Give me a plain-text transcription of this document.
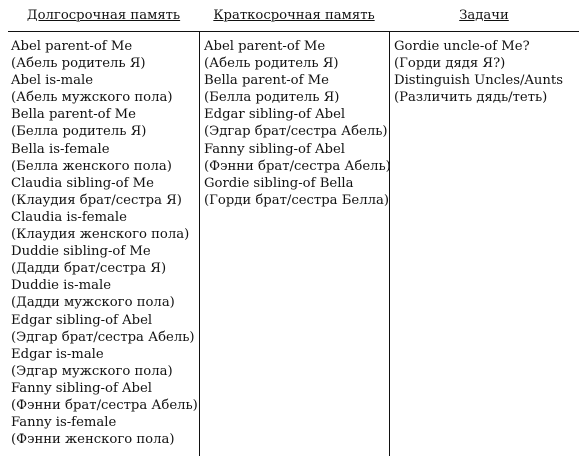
Долгосрочная память	Краткосрочная память	Задачи
Abel parent-of Me
(Абель родитель Я)
Abel is-male
(Абель мужского пола)
Bella parent-of Me
(Белла родитель Я)
Bella is-female
(Белла женского пола)
Claudia sibling-of Me
(Клаудия брат/сестра Я)
Claudia is-female
(Клаудия женского пола)
Duddie sibling-of Me
(Дадди брат/сестра Я)
Duddie is-male
(Дадди мужского пола)
Edgar sibling-of Abel
(Эдгар брат/сестра Абель)
Edgar is-male
(Эдгар мужского пола)
Fanny sibling-of Abel
(Фэнни брат/сестра Абель)
Fanny is-female
(Фэнни женского пола)
Abel parent-of Me
(Абель родитель Я)
Bella parent-of Me
(Белла родитель Я)
Edgar sibling-of Abel
(Эдгар брат/сестра Абель)
Fanny sibling-of Abel
(Фэнни брат/сестра Абель)
Gordie sibling-of Bella
(Горди брат/сестра Белла)
Gordie uncle-of Me?
(Горди дядя Я?)
Distinguish Uncles/Aunts
(Различить дядь/теть)
